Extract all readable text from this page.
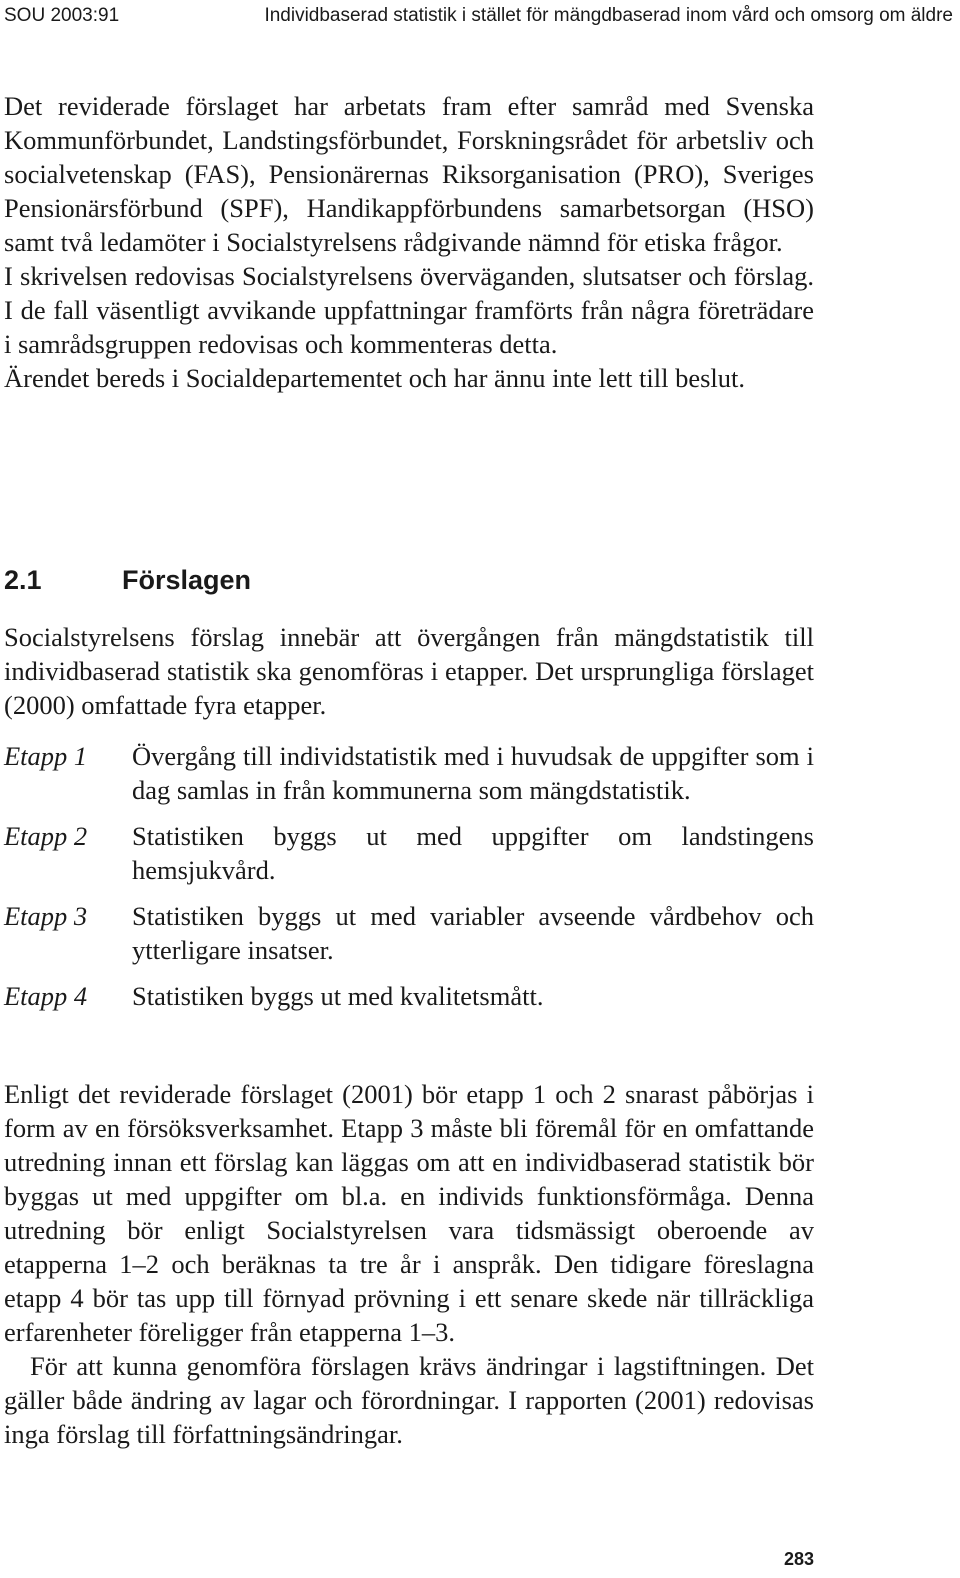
SOU 2003:91	Individbaserad statistik i stället för mängdbaserad inom vård och omsorg om äldre

Det reviderade förslaget har arbetats fram efter samråd med Svenska Kommunförbundet, Landstingsförbundet, Forskningsrådet för arbetsliv och socialvetenskap (FAS), Pensionärernas Riksorganisation (PRO), Sveriges Pensionärsförbund (SPF), Handikappförbundens samarbetsorgan (HSO) samt två ledamöter i Socialstyrelsens rådgivande nämnd för etiska frågor.

I skrivelsen redovisas Socialstyrelsens överväganden, slutsatser och förslag. I de fall väsentligt avvikande uppfattningar framförts från några företrädare i samrådsgruppen redovisas och kommenteras detta.

Ärendet bereds i Socialdepartementet och har ännu inte lett till beslut.

2.1	Förslagen

Socialstyrelsens förslag innebär att övergången från mängdstatistik till individbaserad statistik ska genomföras i etapper. Det ursprungliga förslaget (2000) omfattade fyra etapper.

Etapp 1	Övergång till individstatistik med i huvudsak de uppgifter som i dag samlas in från kommunerna som mängdstatistik.
Etapp 2	Statistiken byggs ut med uppgifter om landstingens hemsjukvård.
Etapp 3	Statistiken byggs ut med variabler avseende vårdbehov och ytterligare insatser.
Etapp 4	Statistiken byggs ut med kvalitetsmått.

Enligt det reviderade förslaget (2001) bör etapp 1 och 2 snarast påbörjas i form av en försöksverksamhet. Etapp 3 måste bli föremål för en omfattande utredning innan ett förslag kan läggas om att en individbaserad statistik bör byggas ut med uppgifter om bl.a. en individs funktionsförmåga. Denna utredning bör enligt Socialstyrelsen vara tidsmässigt oberoende av etapperna 1–2 och beräknas ta tre år i anspråk. Den tidigare föreslagna etapp 4 bör tas upp till förnyad prövning i ett senare skede när tillräckliga erfarenheter föreligger från etapperna 1–3.

För att kunna genomföra förslagen krävs ändringar i lagstiftningen. Det gäller både ändring av lagar och förordningar. I rapporten (2001) redovisas inga förslag till författningsändringar.

283
